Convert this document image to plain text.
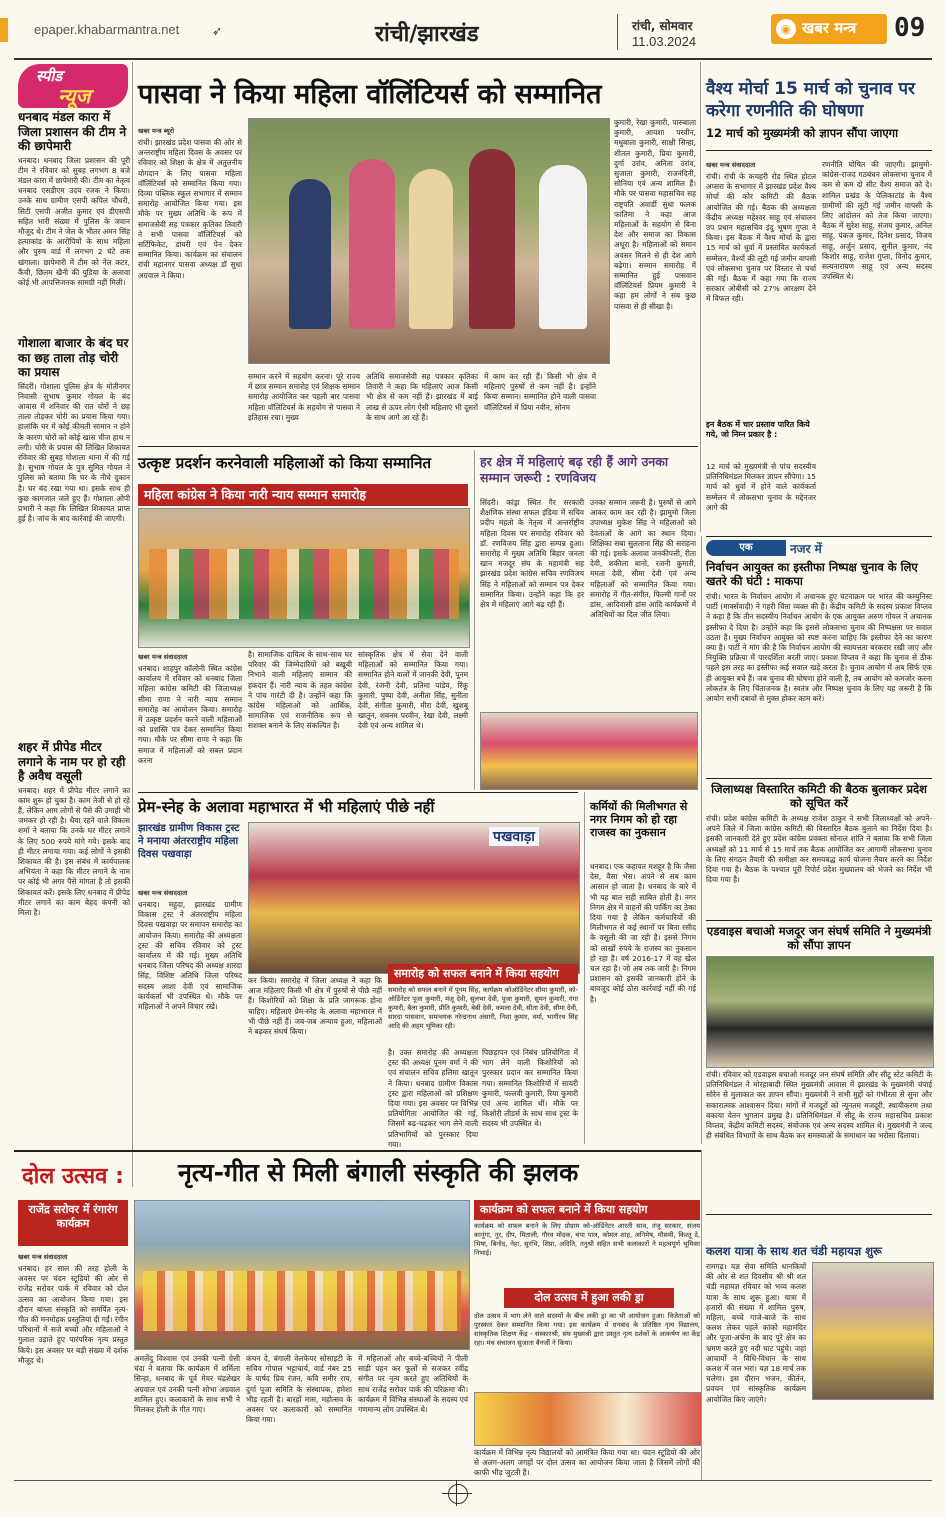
epaper.khabarmantra.net	➶	रांची/झारखंड	रांची, सोमवार
11.03.2024
◉ खबर मन्त्र 09
स्पीड
न्यूज
धनबाद मंडल कारा में जिला प्रशासन की टीम ने की छापेमारी
धनबाद। धनबाद जिला प्रशासन की पूरी टीम ने रविवार को सुबह लगभग 8 बजे मंडल कारा में छापेमारी की। टीम का नेतृत्व धनबाद एसडीएम उदय रजक ने किया। उनके साथ ग्रामीण एसपी कपिल चौधरी, सिटी एसपी अजीत कुमार एवं डीएसपी सहित भारी संख्या में पुलिस के जवान मौजूद थे। टीम ने जेल के भीतर अमन सिंह हत्याकांड के आरोपियों के साथ महिला और पुरुष वार्ड में लगभग 2 घंटे तक खंगाला। छापेमारी में टीम को नेल कटर, कैंची, छिलम खैनी की पुडिया के अलावा कोई भी आपत्तिजनक सामग्री नहीं मिली।
गोशाला बाजार के बंद घर का छह ताला तोड़ चोरी का प्रयास
सिंदरी। गोशाला पुलिस क्षेत्र के मोतीनगर निवासी सुभाष कुमार गोयल के बंद आवास में शनिवार की रात चोरों ने छह ताला तोड़कर चोरी का प्रयास किया गया। हालांकि घर में कोई कीमती सामान न होने के कारण चोरों को कोई खास चीज हाथ न लगी। चोरी के प्रयास की लिखित शिकायत रविवार की सुबह गोशाला थाना में की गई है। सुभाष गोयल के पुत्र सुमित गोयल ने पुलिस को बताया कि घर के नीचे दुकान है। घर बंद रखा गया था। इसके साथ ही कुछ कागजात जले हुए हैं। गोशाला ओपी प्रभारी ने कहा कि लिखित शिकायत प्राप्त हुई है। जांच के बाद कार्रवाई की जाएगी।
शहर में प्रीपेड मीटर लगाने के नाम पर हो रही है अवैध वसूली
धनबाद। शहर में प्रीपेड मीटर लगाने का काम शुरू हो चुका है। काम तेजी से हो रहे हैं, लेकिन आम लोगों से पैसे की उगाही भी जमकर हो रही है। धैया रहने वाले विकास शर्मा ने बताया कि उनके घर मीटर लगाने के लिए 500 रुपये मांगे गये। इसके बाद ही मीटर लगाया गया। कई लोगों ने इसकी शिकायत की है। इस संबंध में कार्यपालक अभियंता ने कहा कि मीटर लगाने के नाम पर कोई भी अगर पैसे मांगता है तो इसकी शिकायत करें। इसके लिए धनबाद में प्रीपेड मीटर लगाने का काम बेहद कंपनी को मिला है।
पासवा ने किया महिला वॉलिंटियर्स को सम्मानित
खबर मन्त्र ब्यूरो
रांची। झारखंड प्रदेश पासवा की ओर से अन्तराष्ट्रीय महिला दिवस के अवसर पर रविवार को शिक्षा के क्षेत्र में अतुलनीय योगदान के लिए पासवा महिला वॉलिंटियर्स को सम्मानित किया गया। दिव्या पब्लिक स्कूल सभागार में सम्मान समारोह आयोजित किया गया। इस मौके पर मुख्य अतिथि के रूप में समाजसेवी सह पत्रकार कृतिका तिवारी ने सभी पासवा वॉलिंटियर्स को सर्टिफिकेट, डायरी एवं पेन देकर सम्मानित किया। कार्यक्रम का संचालन रांची महानगर पासवा अध्यक्ष डॉ सुधा अग्रवाल ने किया।
सम्मान करने में सहयोग करना। पूरे राज्य में छात्र सम्मान समारोह एवं शिक्षक सम्मान समारोह आयोजित कर पहली बार पासवा महिला वॉलिंटियर्स के सहयोग से पासवा ने इतिहास रचा। मुख्य
अतिथि समाजसेवी सह पत्रकार कृतिका तिवारी ने कहा कि महिलाएं आज किसी भी क्षेत्र से कम नहीं हैं। झारखंड में बाई लाख से ऊपर लोग ऐसी महिलाएं भी दूसरों के साथ आगे आ रहे हैं।
में काम कर रही हैं। किसी भी क्षेत्र में महिलाएं पुरुषों से कम नहीं है। इन्होंने किया सम्मान। सम्मानित होने वाली पासवा वॉलिंटियर्स में प्रिया नवीन, सोनम
कुमारी, रेखा कुमारी, पारुबाला कुमारी, आयशा परवीन, मधुबाला कुमारी, साक्षी सिन्हा, शीतल कुमारी, प्रिया कुमारी, दुर्गा उरांव, अनिता उरांव, सुजाता कुमारी, राजनंदिनी, सोनिया एवं अन्य शामिल हैं। मौके पर पासवा महासचिव सह राष्ट्रपति अवार्डी सुधा फलक फातिमा ने कहा आज महिलाओं के सहयोग से बिना देश और समाज का विकास अधूरा है। महिलाओं को समान अवसर मिलने से ही देश आगे बढ़ेगा। सम्मान समारोह में सम्मानित हुई पासवान वॉलिंटियर्स प्रियम कुमारी ने कहा हम लोगों ने सब कुछ पासवा से ही सीखा है।
वैश्य मोर्चा 15 मार्च को चुनाव पर करेगा रणनीति की घोषणा
12 मार्च को मुख्यमंत्री को ज्ञापन सौंपा जाएगा
खबर मन्त्र संवाददाता
रांची। रांची के कचहरी रोड स्थित होटल अप्सरा के सभागार में झारखंड प्रदेश वैश्य मोर्चा की कोर कमिटी की बैठक आयोजित की गई। बैठक की अध्यक्षता केंद्रीय अध्यक्ष महेश्वर साहू एवं संचालन उप प्रधान महासचिव इंदु भूषण गुप्ता ने किया। इस बैठक में वैश्य मोर्चा के द्वारा 15 मार्च को धुर्वा में प्रस्तावित कार्यकर्ता सम्मेलन, वैश्यों की लूटी गई जमीन वापसी एवं लोकसभा चुनाव पर विस्तार से चर्चा की गई। बैठक में कहा गया कि राज्य सरकार ओबीसी को 27% आरक्षण देने में विफल रही।
इन बैठक में चार प्रस्ताव पारित किये गये, जो निम्न प्रकार है :
12 मार्च को मुख्यमंत्री से पांच सदस्यीय प्रतिनिधिमंडल मिलकर ज्ञापन सौंपेगा। 15 मार्च को धुर्वा में होने वाले कार्यकर्ता सम्मेलन में लोकसभा चुनाव के मद्देनजर आगे की
रणनीति घोषित की जाएगी। झामुमो-कांग्रेस-राजद गठबंधन लोकसभा चुनाव में कम से कम दो सीट वैश्य समाज को दे। शामिल प्रखंड के पेलिकाटांड के वैश्य ग्रामीणों की लूटी गई जमीन वापसी के लिए आंदोलन को तेज किया जाएगा। बैठक में सुरेश साहू, संजय कुमार, अनिल साहू, पंकज कुमार, दिनेश प्रसाद, विजय साहू, अर्जुन प्रसाद, सुनील कुमार, नंद किशोर साहू, राजेश गुप्ता, विनोद कुमार, सत्यनारायण साहू एवं अन्य सदस्य उपस्थित थे।
उत्कृष्ट प्रदर्शन करनेवाली महिलाओं को किया सम्मानित
महिला कांग्रेस ने किया नारी न्याय सम्मान समारोह
खबर मन्त्र संवाददाता
धनबाद। शाहपुर कॉलोनी स्थित कांग्रेस कार्यालय में रविवार को धनबाद जिला महिला कांग्रेस कमिटी की जिलाध्यक्ष सीमा राणा ने नारी न्याय सम्मान समारोह का आयोजन किया। समारोह में उत्कृष्ट प्रदर्शन करने वाली महिलाओं को प्रशस्ति पत्र देकर सम्मानित किया गया। मौके पर सीमा राणा ने कहा कि समाज में महिलाओं को सबल प्रदान करना
है। सामाजिक दायित्व के साथ-साथ घर परिवार की जिम्मेदारियों को बखूबी निभाने वाली महिलाएं सम्मान की हकदार हैं। नारी न्याय के तहत कांग्रेस ने पांच गारंटी दी है। उन्होंने कहा कि कांग्रेस महिलाओं को आर्थिक, सामाजिक एवं राजनीतिक रूप से सशक्त बनाने के लिए संकल्पित है।
सांस्कृतिक क्षेत्र में सेवा देने वाली महिलाओं को सम्मानित किया गया। सम्मानित होने वालों में जानकी देवी, पूनम देवी, रंजनी देवी, प्रतिमा पांडेय, रिंकू कुमारी, पुष्पा देवी, अनीता सिंह, सुनीता देवी, संगीता कुमारी, मीरा देवी, खुशबू खातून, शबनम परवीन, रेखा देवी, लक्ष्मी देवी एवं अन्य शामिल थे।
हर क्षेत्र में महिलाएं बढ़ रही हैं आगे उनका सम्मान जरूरी : रणविजय
सिंदरी। कांड्रा स्थित गैर सरकारी शैक्षणिक संस्था सफल इंडिया में सचिव प्रदीप महतो के नेतृत्व में अन्तर्राष्ट्रीय महिला दिवस पर समारोह रविवार को डॉ. रणविजय सिंह द्वारा सम्पन्न हुआ। समारोह में मुख्य अतिथि बिहार जनता खान मजदूर संघ के महामंत्री सह झारखंड प्रदेश कांग्रेस सचिव रणविजय सिंह ने महिलाओं को सम्मान पत्र देकर सम्मानित किया। उन्होंने कहा कि हर क्षेत्र में महिलाएं आगे बढ़ रही हैं।
उनका सम्मान जरूरी है। पुरुषों से आगे आकर काम कर रही है। झामुमो जिला उपाध्यक्ष मुकेश सिंह ने महिलाओं को देवताओं के आगे का स्थान दिया। शिक्षिका सबा सुलताना सिंह की सराहना की गई। इसके अलावा जनकीपत्ती, रीता देवी, शकीला बानो, रजनी कुमारी, ममता देवी, सीमा देवी एवं अन्य महिलाओं को सम्मानित किया गया। समारोह में गीत-संगीत, फिल्मी गानों पर डांस, आदिवासी डांस आदि कार्यक्रमों में अतिथियों का दिल जीत लिया।
एक	नजर में
निर्वाचन आयुक्त का इस्तीफा निष्पक्ष चुनाव के लिए खतरे की घंटी : माकपा
रांची। भारत के निर्वाचन आयोग में अचानक हुए घटनाक्रम पर भारत की कम्युनिस्ट पार्टी (मार्क्सवादी) ने गहरी चिंता व्यक्त की है। केंद्रीय कमिटी के सदस्य प्रकाश विप्लव ने कहा है कि तीन सदस्यीय निर्वाचन आयोग के एक आयुक्त अरुण गोयल ने अचानक इस्तीफा दे दिया है। उन्होंने कहा कि इससे लोकसभा चुनाव की निष्पक्षता पर सवाल उठता है। मुख्य निर्वाचन आयुक्त को स्पष्ट करना चाहिए कि इस्तीफा देने का कारण क्या है। पार्टी ने मांग की है कि निर्वाचन आयोग की स्वायत्तता बरकरार रखी जाए और नियुक्ति प्रक्रिया में पारदर्शिता बरती जाए। प्रकाश विप्लव ने कहा कि चुनाव से ठीक पहले इस तरह का इस्तीफा कई सवाल खड़े करता है। चुनाव आयोग में अब सिर्फ एक ही आयुक्त बचे हैं। जब चुनाव की घोषणा होने वाली है, तब आयोग को कमजोर करना लोकतंत्र के लिए चिंताजनक है। स्वतंत्र और निष्पक्ष चुनाव के लिए यह जरूरी है कि आयोग सभी दबावों से मुक्त होकर काम करे।
जिलाध्यक्ष विस्तारित कमिटी की बैठक बुलाकर प्रदेश को सूचित करें
रांची। प्रदेश कांग्रेस कमिटी के अध्यक्ष राजेश ठाकुर ने सभी जिलाध्यक्षों को अपने-अपने जिले में जिला कांग्रेस कमिटी की विस्तारित बैठक बुलाने का निर्देश दिया है। इसकी जानकारी देते हुए प्रदेश कांग्रेस प्रवक्ता सोनाल शांति ने बताया कि सभी जिला अध्यक्षों को 11 मार्च से 15 मार्च तक बैठक आयोजित कर आगामी लोकसभा चुनाव के लिए संगठन तैयारी की समीक्षा कर समयबद्ध कार्य योजना तैयार करने का निर्देश दिया गया है। बैठक के पश्चात पूरी रिपोर्ट प्रदेश मुख्यालय को भेजने का निर्देश भी दिया गया है।
एडवाइस बचाओ मजदूर जन संघर्ष समिति ने मुख्यमंत्री को सौंपा ज्ञापन
रांची। रविवार को एडवाइस बचाओ मजदूर जन संघर्ष समिति और सीटू स्टेट कमिटी के प्रतिनिधिमंडल ने मोरहाबादी स्थित मुख्यमंत्री आवास में झारखंड के मुख्यमंत्री चंपाई सोरेन से मुलाकात कर ज्ञापन सौंपा। मुख्यमंत्री ने सभी मुद्दों को गंभीरता से सुना और सकारात्मक आश्वासन दिया। मांगों में मजदूरों को न्यूनतम मजदूरी, स्थायीकरण तथा बकाया वेतन भुगतान प्रमुख है। प्रतिनिधिमंडल में सीटू के राज्य महासचिव प्रकाश विप्लव, केंद्रीय कमिटी सदस्य, संयोजक एवं अन्य सदस्य शामिल थे। मुख्यमंत्री ने जल्द ही संबंधित विभागों के साथ बैठक कर समस्याओं के समाधान का भरोसा दिलाया।
प्रेम-स्नेह के अलावा महाभारत में भी महिलाएं पीछे नहीं
झारखंड ग्रामीण विकास ट्रस्ट ने मनाया अंतरराष्ट्रीय महिला दिवस पखवाड़ा
खबर मन्त्र संवाददाता
धनबाद। महुदा, झारखंड ग्रामीण विकास ट्रस्ट ने अंतरराष्ट्रीय महिला दिवस पखवाड़ा पर समापन समारोह का आयोजन किया। समारोह की अध्यक्षता ट्रस्ट की सचिव रविवार को ट्रस्ट कार्यालय में की गई। मुख्य अतिथि धनबाद जिला परिषद की अध्यक्ष शारदा सिंह, विशिष्ट अतिथि जिला परिषद सदस्य आशा देवी एवं सामाजिक कार्यकर्ता भी उपस्थित थे। मौके पर महिलाओं ने अपने विचार रखे।
पखवाड़ा
समारोह को सफल बनाने में किया सहयोग
समारोह को सफल बनाने में पूनम सिंह, कार्यक्रम कोऑर्डिनेटर सीमा कुमारी, को-ऑर्डिनेटर पूजा कुमारी, मंजू देवी, सुलभा देवी, पूजा कुमारी, सुमन कुमारी, गंगा कुमारी, बैला कुमारी, प्रीति कुमारी, बेबी देवी, कमला देवी, सीता देवी, सीमा देवी, सारदा पासवान, समन्वयक नरेन्द्रनाथ अंसारी, निशा कुमार, वर्मा, भागीरथ सिंह आदि की अहम भूमिका रही।
कर किया। समारोह में जिला अध्यक्ष ने कहा कि आज महिलाएं किसी भी क्षेत्र में पुरुषों से पीछे नहीं हैं। किशोरियों को शिक्षा के प्रति जागरूक होना चाहिए। महिलाएं प्रेम-स्नेह के अलावा महाभारत में भी पीछे नहीं हैं। जब-जब अन्याय हुआ, महिलाओं ने बढ़कर संघर्ष किया।
है। उक्त समारोह की अध्यक्षता ट्रस्ट की अध्यक्ष पूनम वर्मा ने की एवं संचालन सचिव हलिमा खातून ने किया। धनबाद ग्रामीण विकास ट्रस्ट द्वारा महिलाओं को प्रशिक्षण दिया गया। इस अवसर पर विभिन्न प्रतियोगिता आयोजित की गई, जिसमें बढ़-चढ़कर भाग लेने वाली प्रतिभागियों को पुरस्कार दिया गया।
पिछड़ापन एवं निबंध प्रतियोगिता में भाग लेने वाली किशोरियों को पुरस्कार प्रदान कर सम्मानित किया गया। सम्मानित किशोरियों में सायरी कुमारी, पल्लवी कुमारी, रिया कुमारी एवं अन्य शामिल थीं। मौके पर किशोरी लीडर्स के साथ साथ ट्रस्ट के सदस्य भी उपस्थित थे।
कर्मियों की मिलीभगत से नगर निगम को हो रहा राजस्व का नुकसान
धनबाद। एक कहावत मशहूर है कि जैसा देस, वैसा भेस। अपने से सब काम आसान हो जाता है। धनबाद के बारे में भी यह बात सही साबित होती है। नगर निगम क्षेत्र में वाहनों की पार्किंग का ठेका दिया गया है लेकिन कर्मचारियों की मिलीभगत से कई स्थानों पर बिना रसीद के वसूली की जा रही है। इससे निगम को लाखों रुपये के राजस्व का नुकसान हो रहा है। वर्ष 2016-17 में यह खेल चल रहा है। जो अब तक जारी है। निगम प्रशासन को इसकी जानकारी होने के बावजूद कोई ठोस कार्रवाई नहीं की गई है।
दोल उत्सव : नृत्य-गीत से मिली बंगाली संस्कृति की झलक
राजेंद्र सरोवर में रंगारंग कार्यक्रम
खबर मन्त्र संवाददाता
धनबाद। हर साल की तरह होली के अवसर पर चंदन स्टूडियो की ओर से राजेंद्र सरोवर पार्क में रविवार को दोल उत्सव का आयोजन किया गया। इस दौरान बांग्ला संस्कृति को समर्पित नृत्य-गीत की मनमोहक प्रस्तुतियां दी गईं। रंगीन परिधानों में सजे बच्चों और महिलाओं ने गुलाल उड़ाते हुए पारंपरिक नृत्य प्रस्तुत किये। इस अवसर पर बड़ी संख्या में दर्शक मौजूद थे।	अमलेंदु विश्वास एवं उनकी पत्नी ग्रेसी चंदा ने बताया कि कार्यक्रम में शर्मिला सिन्हा, धनबाद के पूर्व मेयर चंद्रशेखर अग्रवाल एवं उनकी पत्नी शोभा अग्रवाल शामिल हुए। कलाकारों के साथ सभी ने मिलकर होली के गीत गाए।
कंचन दे, बंगाली वेलफेयर सोसाइटी के सचिव गोपाल भट्टाचार्य, वार्ड नंबर 25 के पार्षद प्रिय रंजन, कवि समीर राय, दुर्गा पूजा समिति के संस्थापक, हमेशा भीड़ रहती है। बारहों मास, महोत्सव के अवसर पर कलाकारों को सम्मानित किया गया।
में महिलाओं और बच्चे-बच्चियों ने पीली साड़ी पहन कर फूलों से सजकर रवींद्र संगीत पर नृत्य करते हुए अतिथियों के साथ राजेंद्र सरोवर पार्क की परिक्रमा की। कार्यक्रम में विभिन्न संस्थाओं के सदस्य एवं गणमान्य लोग उपस्थित थे।
कार्यक्रम को सफल बनाने में किया सहयोग
कार्यक्रम को सफल बनाने के लिए प्रोग्राम को-ऑर्डिनेटर आरती साव, तंजू सरकार, संजय कानूंगा, नूर, दीप, मिताली, गौरव मोदक, चंपा पाल, कोमल शाह, अनिमेष, मौसमी, किश्तू डे, भिषा, बिनोद, नेहा, सुरभि, शिप्रा, अदिति, तनुश्री सहित सभी कलाकारों ने महत्वपूर्ण भूमिका निभाई।
दोल उत्सव में हुआ लकी ड्रा
दोल उत्सव में भाग लेने वाले सदस्यों के बीच लकी ड्रा का भी आयोजन हुआ। विजेताओं को पुरस्कार देकर सम्मानित किया गया। इस कार्यक्रम में धनबाद के प्रतिष्ठित नृत्य विद्यालय, सांस्कृतिक शिक्षण केंद्र - संस्कारश्री, संघ मुख्यश्री द्वारा प्रस्तुत नृत्य दर्शकों के आकर्षण का केंद्र रहा। मंच संचालन सुजाता बैनर्जी ने किया।
कार्यक्रम में विभिन्न नृत्य विद्यालयों को आमंत्रित किया गया था। चंदन स्टूडियो की ओर से अलग-अलग जगहों पर दोल उत्सव का आयोजन किया जाता है जिसमें लोगों की काफी भीड़ जुटती है।
कलश यात्रा के साथ शत चंडी महायज्ञ शुरू
रामगढ़। यज्ञ सेवा समिति धानकियों की ओर से शत दिवसीय श्री श्री शत चंडी महायज्ञ रविवार को भव्य कलश यात्रा के साथ शुरू हुआ। यात्रा में हजारों की संख्या में शामिल पुरुष, महिला, बच्चे गाजे-बाजे के साथ कलश लेकर पहले कांको महामंदिर और पूजा-अर्चना के बाद पूरे क्षेत्र का भ्रमण करते हुए नदी घाट पहुंचे। जहां आचार्यों ने विधि-विधान के साथ कलश में जल भरा। यज्ञ 18 मार्च तक चलेगा। इस दौरान भजन, कीर्तन, प्रवचन एवं सांस्कृतिक कार्यक्रम आयोजित किए जाएंगे।
